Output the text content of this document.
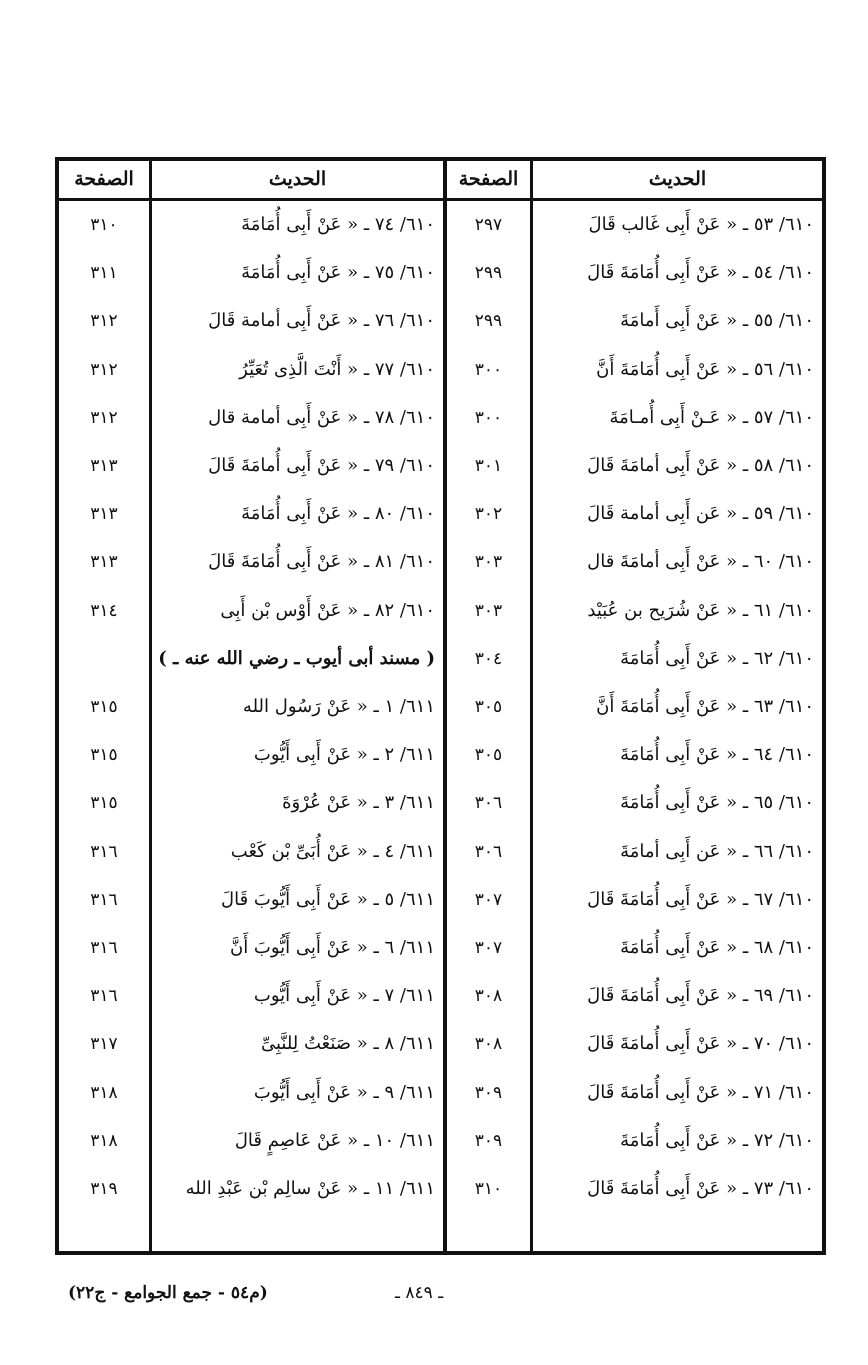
الحديث
الصفحة
الحديث
الصفحة
٦١٠/ ٥٣ ـ « عَنْ أَبِى غَالب قَالَ
٢٩٧
٦١٠/ ٧٤ ـ « عَنْ أَبِى أُمَامَةَ
٣١٠
٦١٠/ ٥٤ ـ « عَنْ أَبِى أُمَامَةَ قَالَ
٢٩٩
٦١٠/ ٧٥ ـ « عَنْ أَبِى أُمَامَةَ
٣١١
٦١٠/ ٥٥ ـ « عَنْ أَبِى أَمامَةَ
٢٩٩
٦١٠/ ٧٦ ـ « عَنْ أَبِى أمامة قَالَ
٣١٢
٦١٠/ ٥٦ ـ « عَنْ أَبِى أُمَامَةَ أَنَّ
٣٠٠
٦١٠/ ٧٧ ـ « أَنْتَ الَّذِى تُعَيِّرُ
٣١٢
٦١٠/ ٥٧ ـ « عَـنْ أَبِى أُمـامَةَ
٣٠٠
٦١٠/ ٧٨ ـ « عَنْ أَبِى أمامة قال
٣١٢
٦١٠/ ٥٨ ـ « عَنْ أَبِى أمامَةَ قَالَ
٣٠١
٦١٠/ ٧٩ ـ « عَنْ أَبِى أُمامَةَ قَالَ
٣١٣
٦١٠/ ٥٩ ـ « عَن أَبِى أمامة قَالَ
٣٠٢
٦١٠/ ٨٠ ـ « عَنْ أَبِى أُمَامَةَ
٣١٣
٦١٠/ ٦٠ ـ « عَنْ أَبِى أمامَةَ قال
٣٠٣
٦١٠/ ٨١ ـ « عَنْ أَبِى أُمَامَةَ قَالَ
٣١٣
٦١٠/ ٦١ ـ « عَنْ شُرَيح بن عُبَيْد
٣٠٣
٦١٠/ ٨٢ ـ « عَنْ أَوْس بْن أَبِى
٣١٤
٦١٠/ ٦٢ ـ « عَنْ أَبِى أُمَامَةَ
٣٠٤
( مسند أبى أيوب ـ رضي الله عنه ـ )
٦١٠/ ٦٣ ـ « عَنْ أَبِى أُمَامَةَ أَنَّ
٣٠٥
٦١١/ ١ ـ « عَنْ رَسُول الله
٣١٥
٦١٠/ ٦٤ ـ « عَنْ أَبِى أُمَامَةَ
٣٠٥
٦١١/ ٢ ـ « عَنْ أَبِى أَيُّوبَ
٣١٥
٦١٠/ ٦٥ ـ « عَنْ أَبِى أُمَامَةَ
٣٠٦
٦١١/ ٣ ـ « عَنْ عُرْوَةَ
٣١٥
٦١٠/ ٦٦ ـ « عَن أَبِى أمامَةَ
٣٠٦
٦١١/ ٤ ـ « عَنْ أُبَىِّ بْن كَعْب
٣١٦
٦١٠/ ٦٧ ـ « عَنْ أَبِى أُمَامَةَ قَالَ
٣٠٧
٦١١/ ٥ ـ « عَنْ أَبِى أَيُّوبَ قَالَ
٣١٦
٦١٠/ ٦٨ ـ « عَنْ أَبِى أُمَامَةَ
٣٠٧
٦١١/ ٦ ـ « عَنْ أَبِى أَيُّوبَ أَنَّ
٣١٦
٦١٠/ ٦٩ ـ « عَنْ أَبِى أُمَامَةَ قَالَ
٣٠٨
٦١١/ ٧ ـ « عَنْ أَبِى أَيُّوب
٣١٦
٦١٠/ ٧٠ ـ « عَنْ أَبِى أُمامَةَ قَالَ
٣٠٨
٦١١/ ٨ ـ « صَنَعْتُ لِلنَّبِىِّ
٣١٧
٦١٠/ ٧١ ـ « عَنْ أَبِى أُمَامَةَ قَالَ
٣٠٩
٦١١/ ٩ ـ « عَنْ أَبِى أَيُّوبَ
٣١٨
٦١٠/ ٧٢ ـ « عَنْ أَبِى أُمَامَةَ
٣٠٩
٦١١/ ١٠ ـ « عَنْ عَاصِمٍ قَالَ
٣١٨
٦١٠/ ٧٣ ـ « عَنْ أَبِى أُمَامَةَ قَالَ
٣١٠
٦١١/ ١١ ـ « عَنْ سالِم بْن عَبْدِ الله
٣١٩
ـ ٨٤٩ ـ
(م٥٤ - جمع الجوامع - ج٢٢)
